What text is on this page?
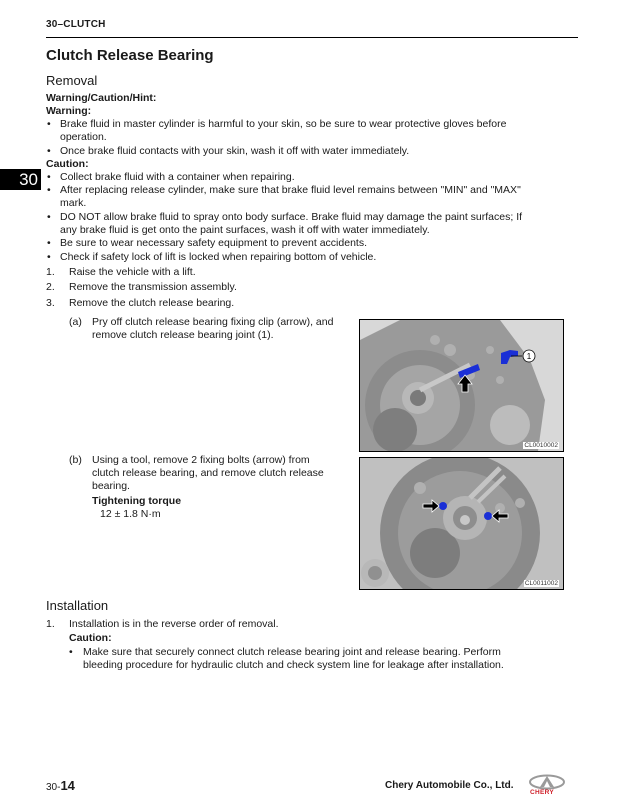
30–CLUTCH
30
Clutch Release Bearing
Removal
Warning/Caution/Hint:
Warning:
• Brake fluid in master cylinder is harmful to your skin, so be sure to wear protective gloves before
operation.
• Once brake fluid contacts with your skin, wash it off with water immediately.
Caution:
• Collect brake fluid with a container when repairing.
• After replacing release cylinder, make sure that brake fluid level remains between "MIN" and "MAX"
mark.
• DO NOT allow brake fluid to spray onto body surface. Brake fluid may damage the paint surfaces; If
any brake fluid is get onto the paint surfaces, wash it off with water immediately.
• Be sure to wear necessary safety equipment to prevent accidents.
• Check if safety lock of lift is locked when repairing bottom of vehicle.
1. Raise the vehicle with a lift.
2. Remove the transmission assembly.
3. Remove the clutch release bearing.
(a) Pry off clutch release bearing fixing clip (arrow), and
remove clutch release bearing joint (1).
1
CL0010002
(b) Using a tool, remove 2 fixing bolts (arrow) from
clutch release bearing, and remove clutch release
bearing.
Tightening torque
12 ± 1.8 N·m
CL0011002
Installation
1. Installation is in the reverse order of removal.
Caution:
• Make sure that securely connect clutch release bearing joint and release bearing. Perform
bleeding procedure for hydraulic clutch and check system line for leakage after installation.
30-14	Chery Automobile Co., Ltd.
CHERY
